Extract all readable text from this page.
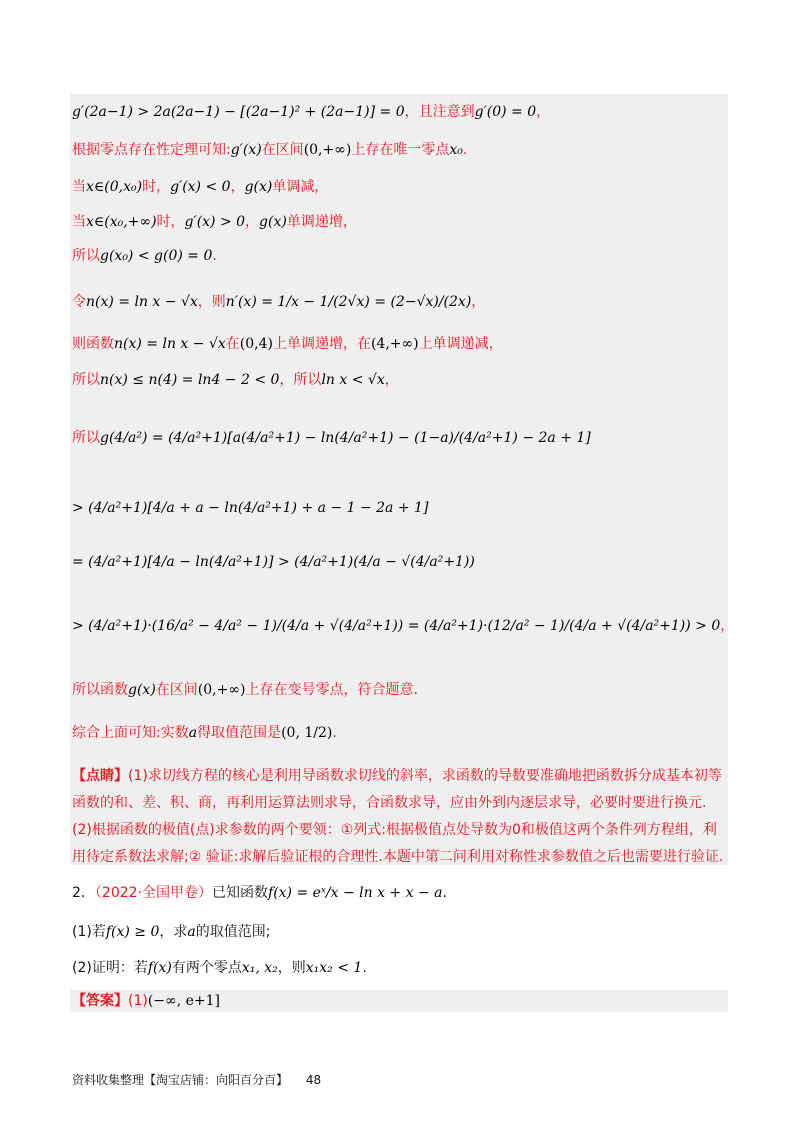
g′(2a−1) > 2a(2a−1) − [(2a−1)² + (2a−1)] = 0，且注意到g′(0) = 0，
根据零点存在性定理可知:g′(x)在区间(0,+∞)上存在唯一零点x₀.
当x∈(0,x₀)时，g′(x) < 0，g(x)单调减，
当x∈(x₀,+∞)时，g′(x) > 0，g(x)单调递增，
所以g(x₀) < g(0) = 0.
令n(x) = ln x − √x，则n′(x) = 1/x − 1/(2√x) = (2−√x)/(2x)，
则函数n(x) = ln x − √x在(0,4)上单调递增，在(4,+∞)上单调递减，
所以n(x) ≤ n(4) = ln4 − 2 < 0，所以ln x < √x，
所以g(4/a²) = (4/a²+1)[a(4/a²+1) − ln(4/a²+1) − (1−a)/(4/a²+1) − 2a + 1]
> (4/a²+1)[4/a + a − ln(4/a²+1) + a − 1 − 2a + 1]
= (4/a²+1)[4/a − ln(4/a²+1)] > (4/a²+1)(4/a − √(4/a²+1))
> (4/a²+1)·(16/a² − 4/a² − 1)/(4/a + √(4/a²+1)) = (4/a²+1)·(12/a² − 1)/(4/a + √(4/a²+1)) > 0，
所以函数g(x)在区间(0,+∞)上存在变号零点，符合题意.
综合上面可知:实数a得取值范围是(0, 1/2).
【点睛】(1)求切线方程的核心是利用导函数求切线的斜率，求函数的导数要准确地把函数拆分成基本初等函数的和、差、积、商，再利用运算法则求导，合函数求导，应由外到内逐层求导，必要时要进行换元.
(2)根据函数的极值(点)求参数的两个要领：①列式:根据极值点处导数为0和极值这两个条件列方程组，利用待定系数法求解;② 验证:求解后验证根的合理性.本题中第二问利用对称性求参数值之后也需要进行验证.
2．（2022·全国甲卷）已知函数f(x) = eˣ/x − ln x + x − a.
(1)若f(x) ≥ 0，求a的取值范围;
(2)证明：若f(x)有两个零点x₁, x₂，则x₁x₂ < 1.
【答案】(1)(−∞, e+1]
资料收集整理【淘宝店铺：向阳百分百】 48
